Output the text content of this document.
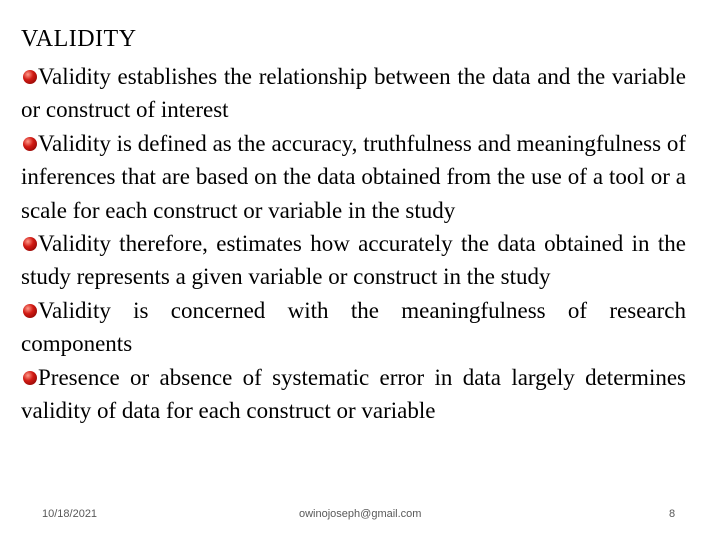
VALIDITY

Validity establishes the relationship between the data and the variable or construct of interest

Validity is defined as the accuracy, truthfulness and meaningfulness of inferences that are based on the data obtained from the use of a tool or a scale for each construct or variable in the study

Validity therefore, estimates how accurately the data obtained in the study represents a given variable or construct in the study

Validity is concerned with the meaningfulness of research components

Presence or absence of systematic error in data largely determines validity of data for each construct or variable

10/18/2021	owinojoseph@gmail.com	8
